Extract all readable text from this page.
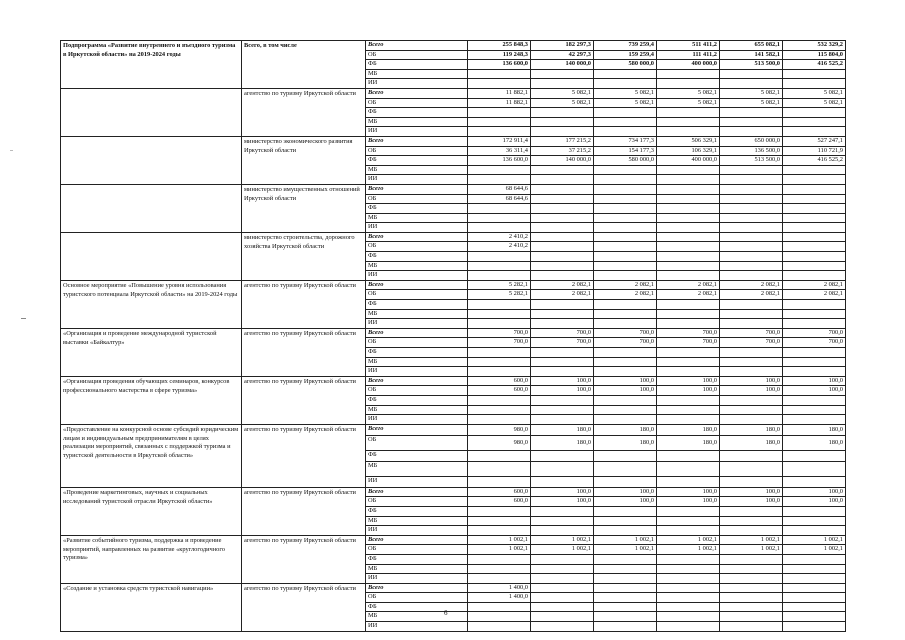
Подпрограмма «Развитие внутреннего и въездного туризма в Иркутской области» на 2019-2024 годы	Всего, в том числе	Всего	255 848,3	182 297,3	739 259,4	511 411,2	655 082,1	532 329,2
		ОБ	119 248,3	42 297,3	159 259,4	111 411,2	141 582,1	115 804,0
		ФБ	136 600,0	140 000,0	580 000,0	400 000,0	513 500,0	416 525,2
		МБ						
		ИИ						
	агентство по туризму Иркутской области	Всего	11 882,1	5 082,1	5 082,1	5 082,1	5 082,1	5 082,1
		ОБ	11 882,1	5 082,1	5 082,1	5 082,1	5 082,1	5 082,1
		ФБ						
		МБ						
		ИИ						
	министерство экономического развития Иркутской области	Всего	172 911,4	177 215,2	734 177,3	506 329,1	650 000,0	527 247,1
		ОБ	36 311,4	37 215,2	154 177,3	106 329,1	136 500,0	110 721,9
		ФБ	136 600,0	140 000,0	580 000,0	400 000,0	513 500,0	416 525,2
		МБ						
		ИИ						
	министерство имущественных отношений Иркутской области	Всего	68 644,6					
		ОБ	68 644,6					
		ФБ						
		МБ						
		ИИ						
	министерство строительства, дорожного хозяйства Иркутской области	Всего	2 410,2					
		ОБ	2 410,2					
		ФБ						
		МБ						
		ИИ						
Основное мероприятие «Повышение уровня использования туристского потенциала Иркутской области» на 2019-2024 годы	агентство по туризму Иркутской области	Всего	5 282,1	2 082,1	2 082,1	2 082,1	2 082,1	2 082,1
		ОБ	5 282,1	2 082,1	2 082,1	2 082,1	2 082,1	2 082,1
		ФБ						
		МБ						
		ИИ						
«Организация и проведение международной туристской выставки «Байкалтур»	агентство по туризму Иркутской области	Всего	700,0	700,0	700,0	700,0	700,0	700,0
		ОБ	700,0	700,0	700,0	700,0	700,0	700,0
		ФБ						
		МБ						
		ИИ						
«Организация проведения обучающих семинаров, конкурсов профессионального мастерства в сфере туризма»	агентство по туризму Иркутской области	Всего	600,0	100,0	100,0	100,0	100,0	100,0
		ОБ	600,0	100,0	100,0	100,0	100,0	100,0
		ФБ						
		МБ						
		ИИ						
«Предоставление на конкурсной основе субсидий юридическим лицам и индивидуальным предпринимателям в целях реализации мероприятий, связанных с поддержкой туризма и туристской деятельности в Иркутской области»	агентство по туризму Иркутской области	Всего	980,0	180,0	180,0	180,0	180,0	180,0
		ОБ	980,0	180,0	180,0	180,0	180,0	180,0
		ФБ						
		МБ						
		ИИ						
«Проведение маркетинговых, научных и социальных исследований туристской отрасли Иркутской области»	агентство по туризму Иркутской области	Всего	600,0	100,0	100,0	100,0	100,0	100,0
		ОБ	600,0	100,0	100,0	100,0	100,0	100,0
		ФБ						
		МБ						
		ИИ						
«Развитие событийного туризма, поддержка и проведение мероприятий, направленных на развитие «круглогодичного туризма»	агентство по туризму Иркутской области	Всего	1 002,1	1 002,1	1 002,1	1 002,1	1 002,1	1 002,1
		ОБ	1 002,1	1 002,1	1 002,1	1 002,1	1 002,1	1 002,1
		ФБ						
		МБ						
		ИИ						
«Создание и установка средств туристской навигации»	агентство по туризму Иркутской области	Всего	1 400,0					
		ОБ	1 400,0					
		ФБ						
		МБ						
		ИИ						
6
